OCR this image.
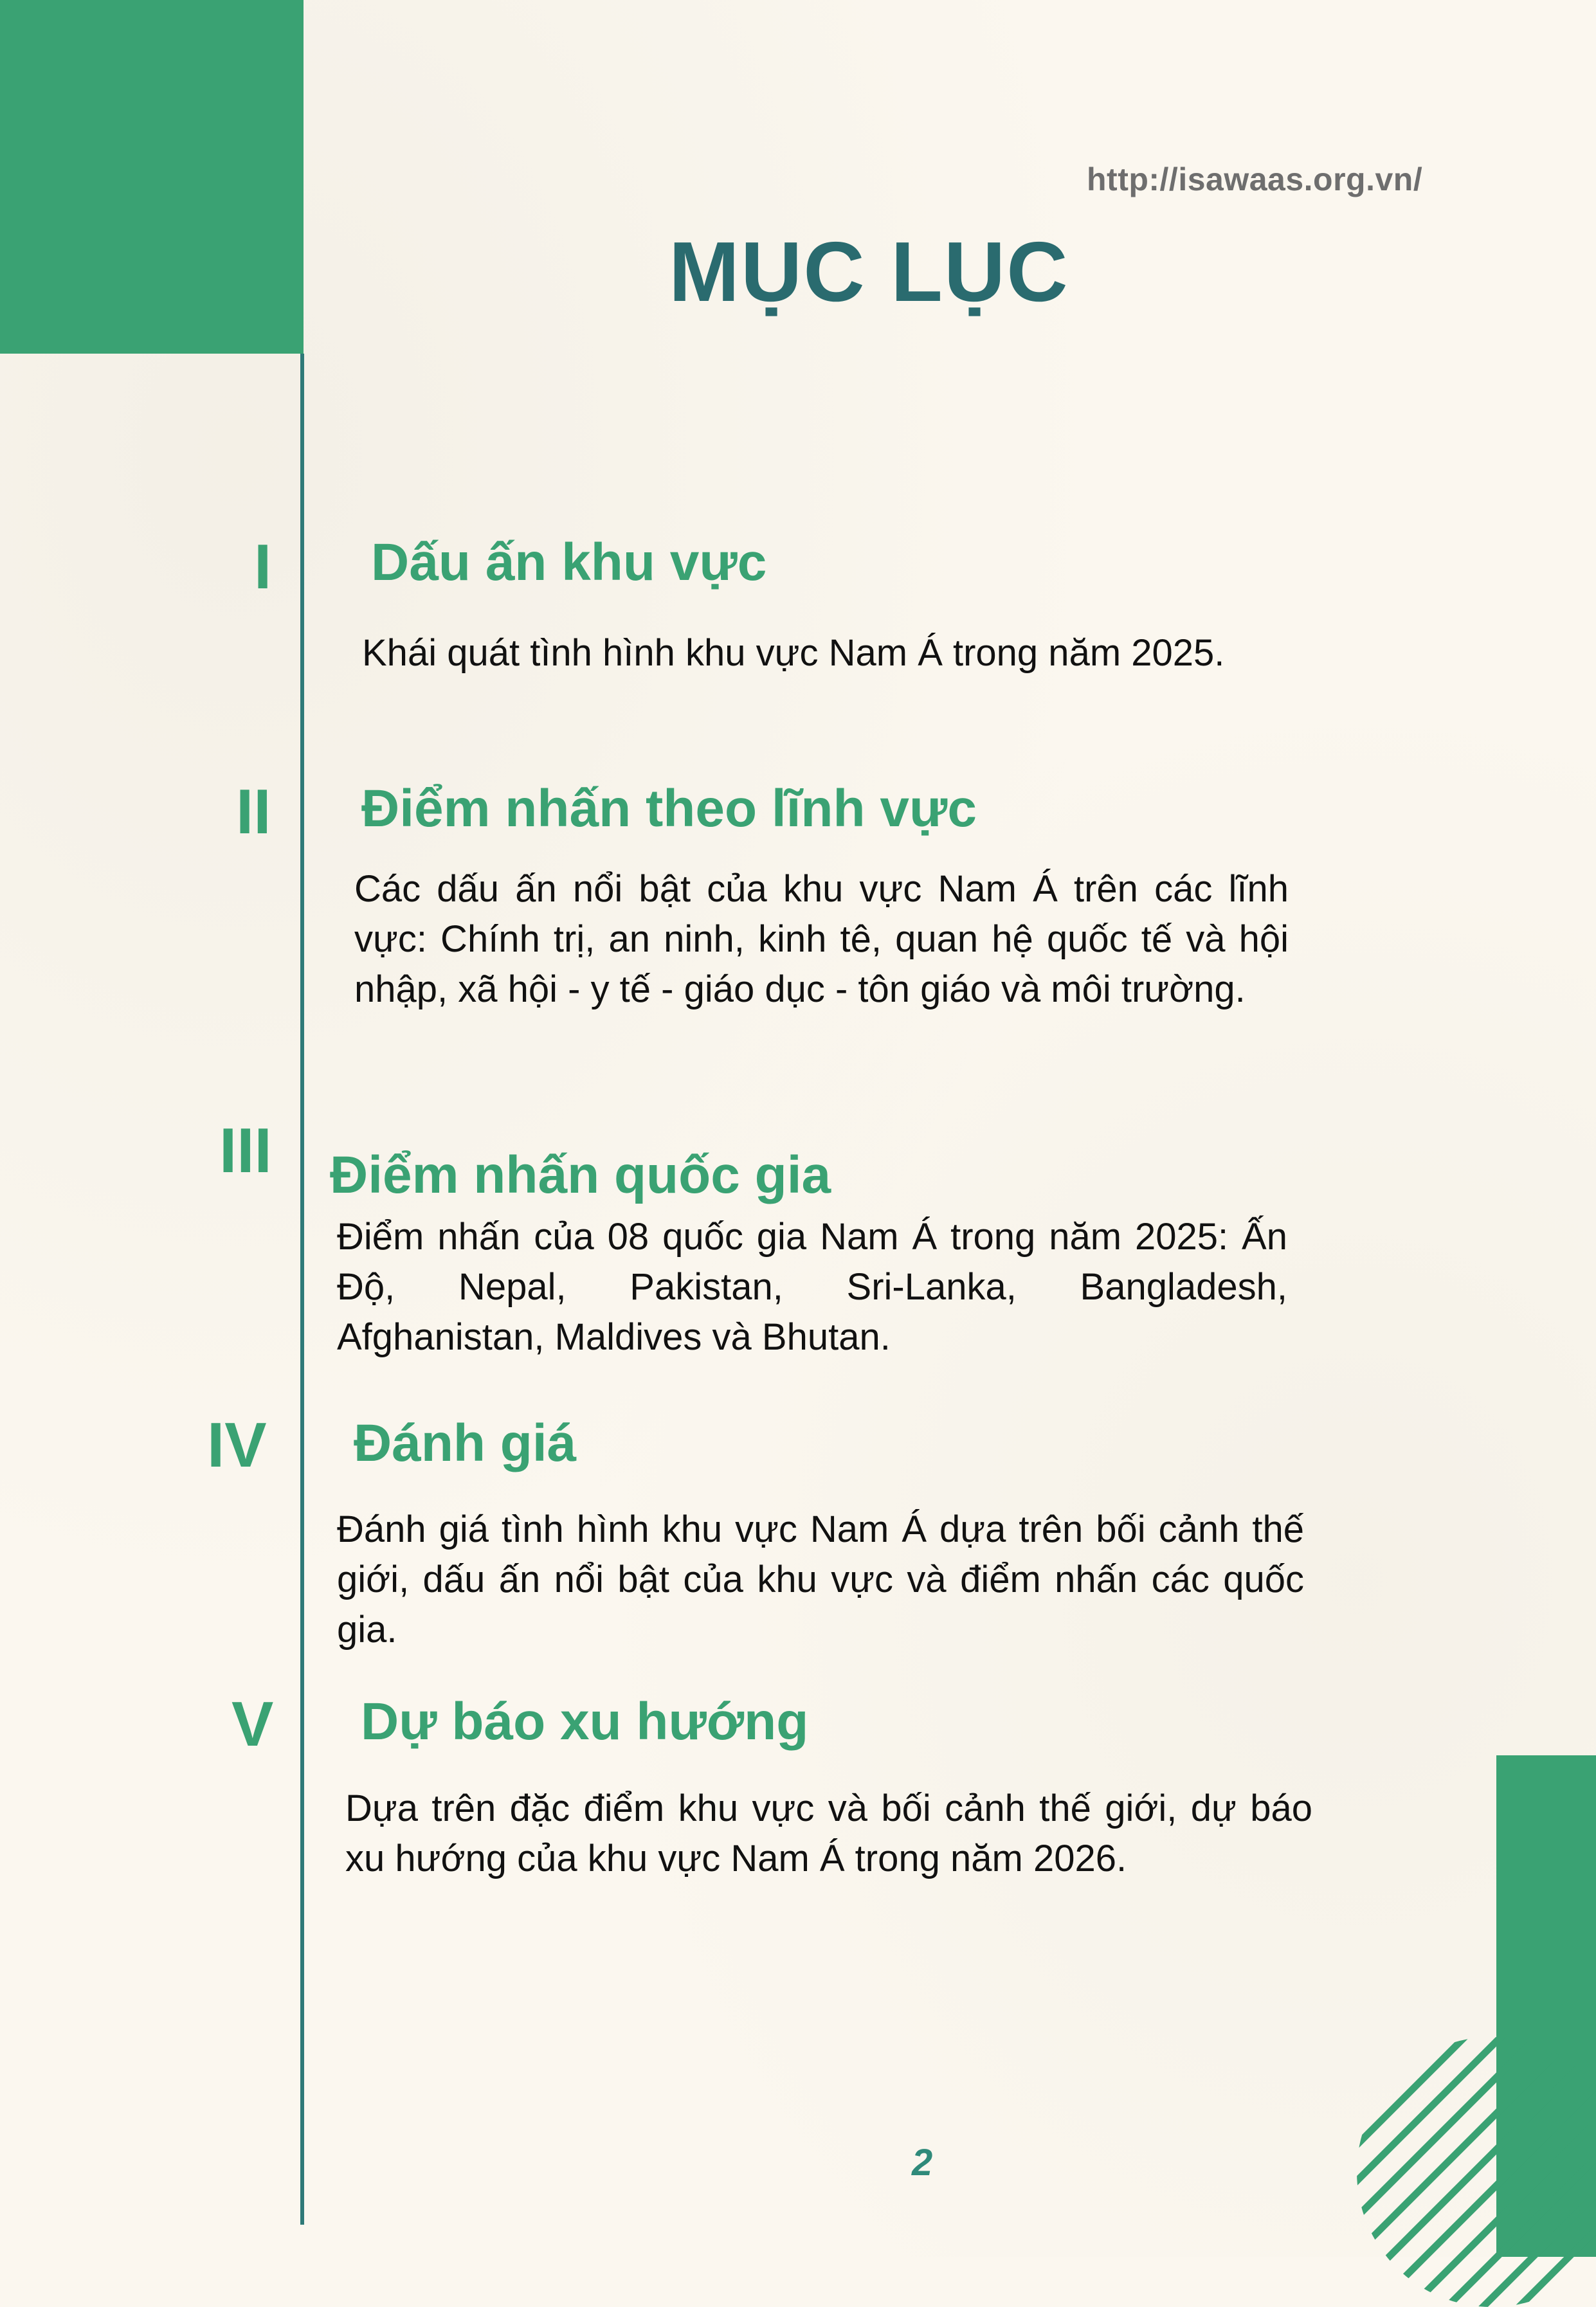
http://isawaas.org.vn/
MỤC LỤC
I Dấu ấn khu vực

Khái quát tình hình khu vực Nam Á trong năm 2025.

II Điểm nhấn theo lĩnh vực

Các dấu ấn nổi bật của khu vực Nam Á trên các lĩnh vực: Chính trị, an ninh, kinh tê, quan hệ quốc tế và hội nhập, xã hội - y tế - giáo dục - tôn giáo và môi trường.

III Điểm nhấn quốc gia

Điểm nhấn của 08 quốc gia Nam Á trong năm 2025: Ấn Độ, Nepal, Pakistan, Sri-Lanka, Bangladesh, Afghanistan, Maldives và Bhutan.

IV Đánh giá

Đánh giá tình hình khu vực Nam Á dựa trên bối cảnh thế giới, dấu ấn nổi bật của khu vực và điểm nhấn các quốc gia.

V Dự báo xu hướng

Dựa trên đặc điểm khu vực và bối cảnh thế giới, dự báo xu hướng của khu vực Nam Á trong năm 2026.

2
